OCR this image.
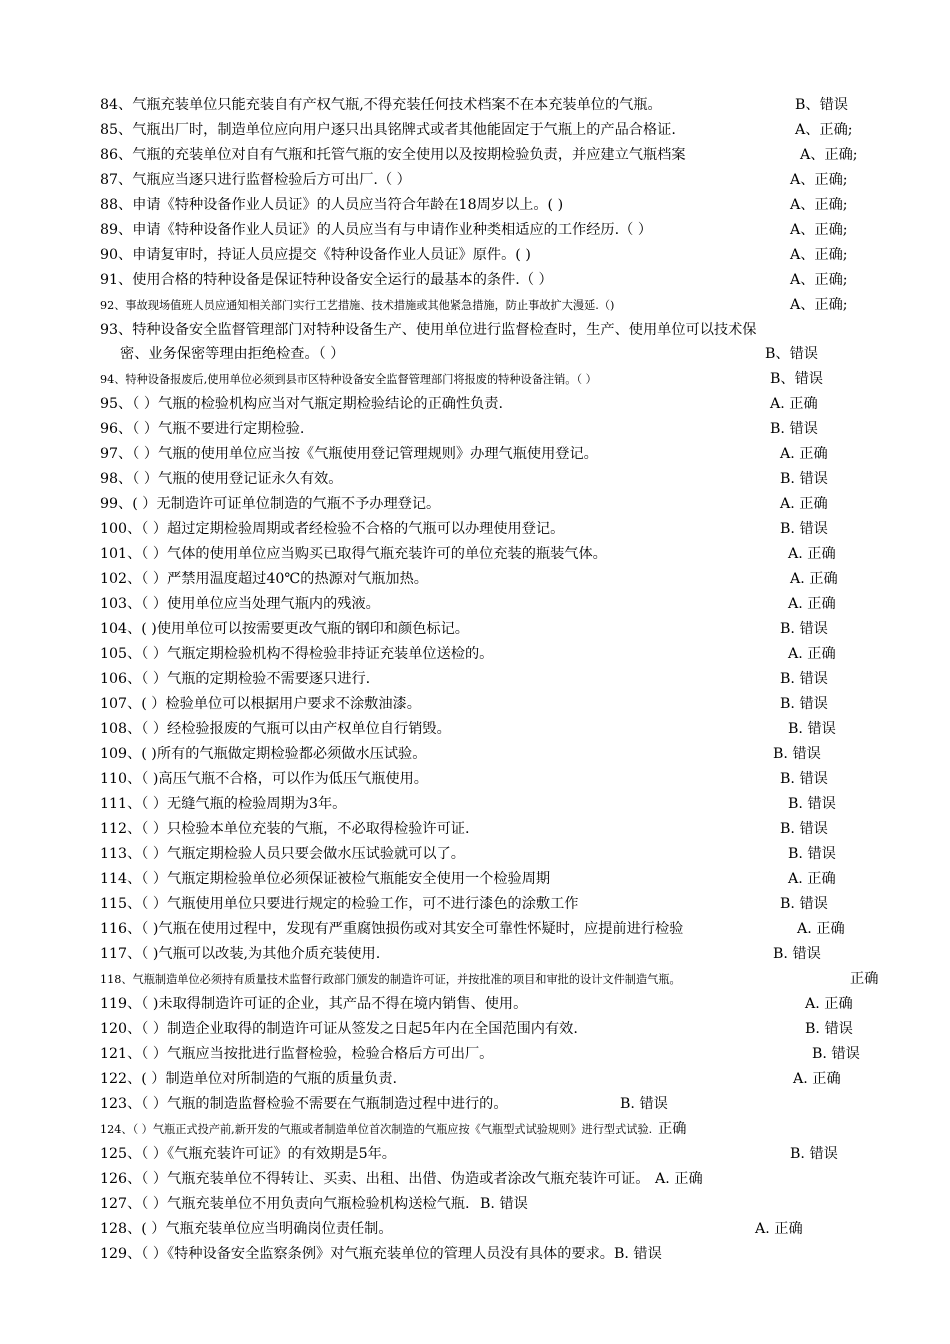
84、气瓶充装单位只能充装自有产权气瓶,不得充装任何技术档案不在本充装单位的气瓶。	B、错误
85、气瓶出厂时，制造单位应向用户逐只出具铭牌式或者其他能固定于气瓶上的产品合格证.	A、正确;
86、气瓶的充装单位对自有气瓶和托管气瓶的安全使用以及按期检验负责，并应建立气瓶档案	A、正确;
87、气瓶应当逐只进行监督检验后方可出厂.（ ）	A、正确;
88、申请《特种设备作业人员证》的人员应当符合年龄在18周岁以上。( )	A、正确;
89、申请《特种设备作业人员证》的人员应当有与申请作业种类相适应的工作经历.（ ）	A、正确;
90、申请复审时，持证人员应提交《特种设备作业人员证》原件。( )	A、正确;
91、使用合格的特种设备是保证特种设备安全运行的最基本的条件.（ ）	A、正确;
92、事故现场值班人员应通知相关部门实行工艺措施、技术措施或其他紧急措施，防止事故扩大漫延.（)	A、正确;
93、特种设备安全监督管理部门对特种设备生产、使用单位进行监督检查时，生产、使用单位可以技术保
密、业务保密等理由拒绝检查。（ ）	B、错误
94、特种设备报废后,使用单位必须到县市区特种设备安全监督管理部门将报废的特种设备注销。（ ）	B、错误
95、（ ）气瓶的检验机构应当对气瓶定期检验结论的正确性负责.	A. 正确
96、（ ）气瓶不要进行定期检验.	B. 错误
97、（ ）气瓶的使用单位应当按《气瓶使用登记管理规则》办理气瓶使用登记。	A. 正确
98、（ ）气瓶的使用登记证永久有效。	B. 错误
99、( ）无制造许可证单位制造的气瓶不予办理登记。	A. 正确
100、（ ）超过定期检验周期或者经检验不合格的气瓶可以办理使用登记。	B. 错误
101、（ ）气体的使用单位应当购买已取得气瓶充装许可的单位充装的瓶装气体。	A. 正确
102、（ ）严禁用温度超过40℃的热源对气瓶加热。	A. 正确
103、（ ）使用单位应当处理气瓶内的残液。	A. 正确
104、( )使用单位可以按需要更改气瓶的钢印和颜色标记。	B. 错误
105、（ ）气瓶定期检验机构不得检验非持证充装单位送检的。	A. 正确
106、（ ）气瓶的定期检验不需要逐只进行.	B. 错误
107、( ）检验单位可以根据用户要求不涂敷油漆。	B. 错误
108、（ ）经检验报废的气瓶可以由产权单位自行销毁。	B. 错误
109、( )所有的气瓶做定期检验都必须做水压试验。	B. 错误
110、（ )高压气瓶不合格，可以作为低压气瓶使用。	B. 错误
111、（ ）无缝气瓶的检验周期为3年。	B. 错误
112、（ ）只检验本单位充装的气瓶，不必取得检验许可证.	B. 错误
113、（ ）气瓶定期检验人员只要会做水压试验就可以了。	B. 错误
114、（ ）气瓶定期检验单位必须保证被检气瓶能安全使用一个检验周期	A. 正确
115、（ ）气瓶使用单位只要进行规定的检验工作，可不进行漆色的涂敷工作	B. 错误
116、（ )气瓶在使用过程中，发现有严重腐蚀损伤或对其安全可靠性怀疑时，应提前进行检验	A. 正确
117、（ )气瓶可以改装,为其他介质充装使用.	B. 错误
118、气瓶制造单位必须持有质量技术监督行政部门颁发的制造许可证，并按批准的项目和审批的设计文件制造气瓶。	正确
119、（ )未取得制造许可证的企业，其产品不得在境内销售、使用。	A. 正确
120、（ ）制造企业取得的制造许可证从签发之日起5年内在全国范围内有效.	B. 错误
121、（ ）气瓶应当按批进行监督检验，检验合格后方可出厂。	B. 错误
122、( ）制造单位对所制造的气瓶的质量负责.	A. 正确
123、（ ）气瓶的制造监督检验不需要在气瓶制造过程中进行的。	B. 错误
124、（ ）气瓶正式投产前,新开发的气瓶或者制造单位首次制造的气瓶应按《气瓶型式试验规则》进行型式试验. 正确
125、（ ）《气瓶充装许可证》的有效期是5年。	B. 错误
126、（ ）气瓶充装单位不得转让、买卖、出租、出借、伪造或者涂改气瓶充装许可证。 A. 正确
127、（ ）气瓶充装单位不用负责向气瓶检验机构送检气瓶. B. 错误
128、( ）气瓶充装单位应当明确岗位责任制。	A. 正确
129、（ ）《特种设备安全监察条例》对气瓶充装单位的管理人员没有具体的要求。 B. 错误
